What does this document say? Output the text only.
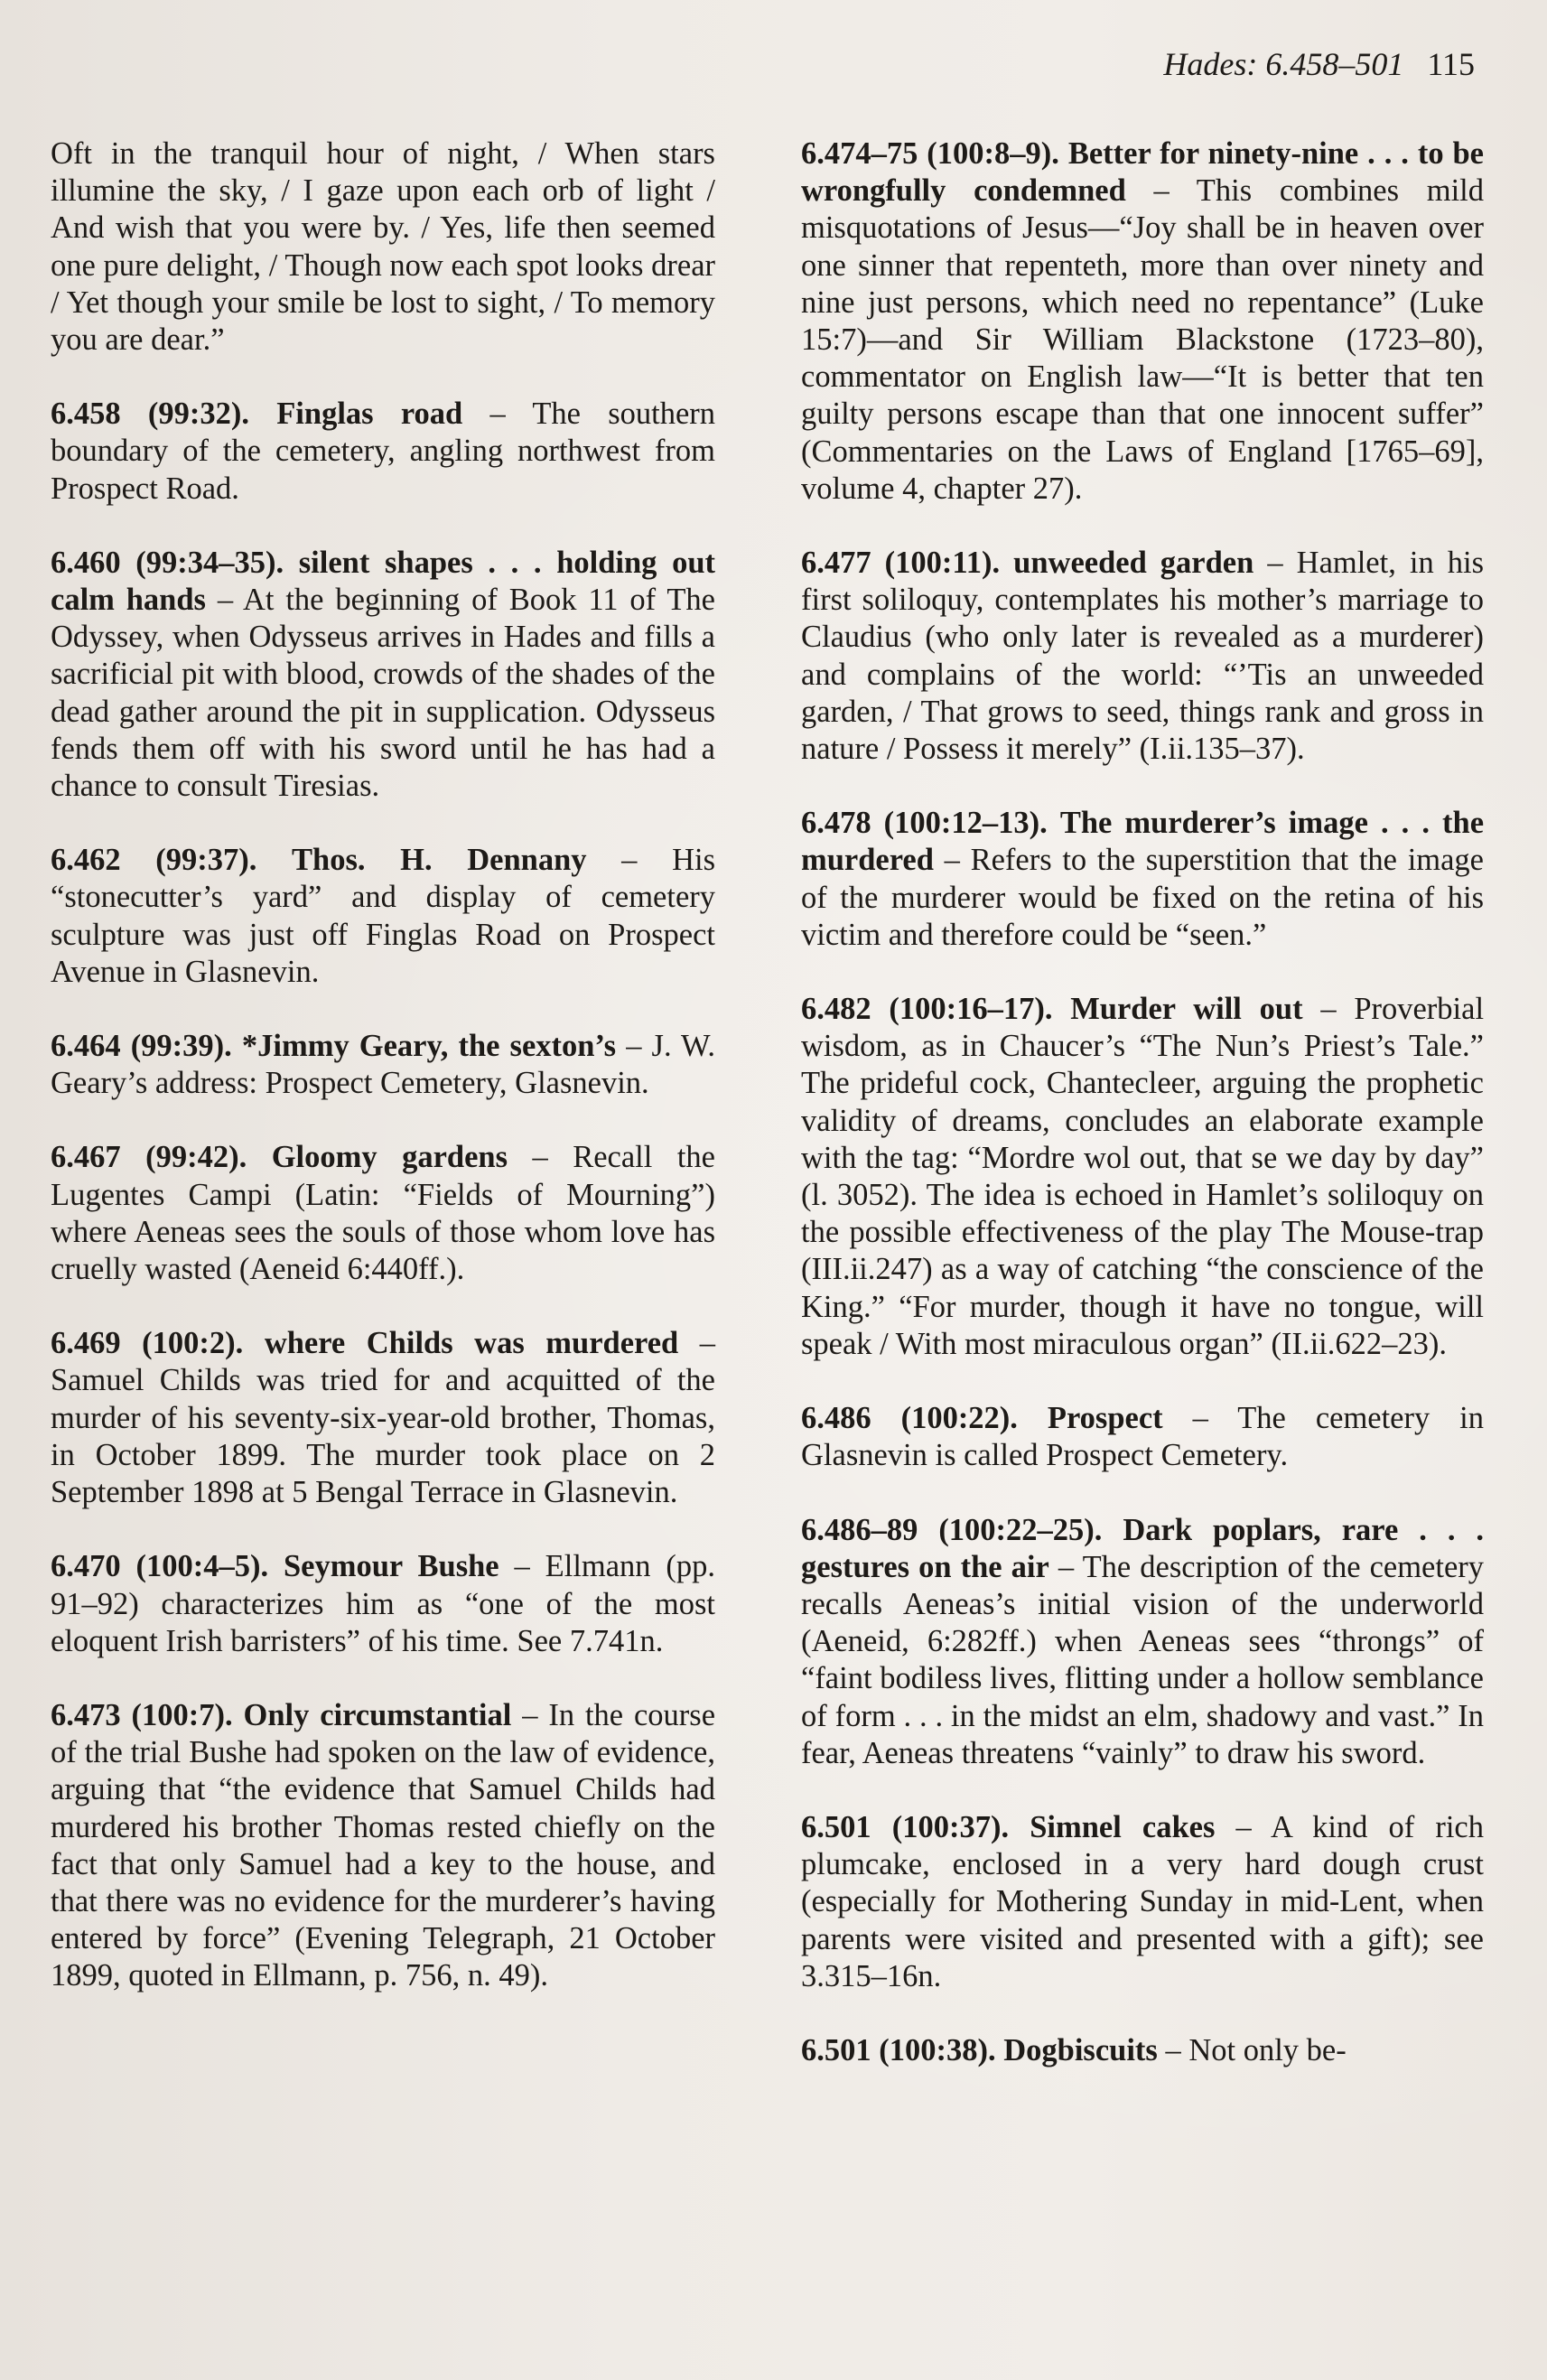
Hades: 6.458–501 115

Oft in the tranquil hour of night, / When stars illumine the sky, / I gaze upon each orb of light / And wish that you were by. / Yes, life then seemed one pure delight, / Though now each spot looks drear / Yet though your smile be lost to sight, / To memory you are dear.”

6.458 (99:32). Finglas road – The southern boundary of the cemetery, angling northwest from Prospect Road.

6.460 (99:34–35). silent shapes . . . holding out calm hands – At the beginning of Book 11 of The Odyssey, when Odysseus arrives in Hades and fills a sacrificial pit with blood, crowds of the shades of the dead gather around the pit in supplication. Odysseus fends them off with his sword until he has had a chance to consult Tiresias.

6.462 (99:37). Thos. H. Dennany – His “stonecutter’s yard” and display of cemetery sculpture was just off Finglas Road on Prospect Avenue in Glasnevin.

6.464 (99:39). *Jimmy Geary, the sexton’s – J. W. Geary’s address: Prospect Cemetery, Glasnevin.

6.467 (99:42). Gloomy gardens – Recall the Lugentes Campi (Latin: “Fields of Mourning”) where Aeneas sees the souls of those whom love has cruelly wasted (Aeneid 6:440ff.).

6.469 (100:2). where Childs was murdered – Samuel Childs was tried for and acquitted of the murder of his seventy-six-year-old brother, Thomas, in October 1899. The murder took place on 2 September 1898 at 5 Bengal Terrace in Glasnevin.

6.470 (100:4–5). Seymour Bushe – Ellmann (pp. 91–92) characterizes him as “one of the most eloquent Irish barristers” of his time. See 7.741n.

6.473 (100:7). Only circumstantial – In the course of the trial Bushe had spoken on the law of evidence, arguing that “the evidence that Samuel Childs had murdered his brother Thomas rested chiefly on the fact that only Samuel had a key to the house, and that there was no evidence for the murderer’s having entered by force” (Evening Telegraph, 21 October 1899, quoted in Ellmann, p. 756, n. 49).

6.474–75 (100:8–9). Better for ninety-nine . . . to be wrongfully condemned – This combines mild misquotations of Jesus—“Joy shall be in heaven over one sinner that repenteth, more than over ninety and nine just persons, which need no repentance” (Luke 15:7)—and Sir William Blackstone (1723–80), commentator on English law—“It is better that ten guilty persons escape than that one innocent suffer” (Commentaries on the Laws of England [1765–69], volume 4, chapter 27).

6.477 (100:11). unweeded garden – Hamlet, in his first soliloquy, contemplates his mother’s marriage to Claudius (who only later is revealed as a murderer) and complains of the world: “’Tis an unweeded garden, / That grows to seed, things rank and gross in nature / Possess it merely” (I.ii.135–37).

6.478 (100:12–13). The murderer’s image . . . the murdered – Refers to the superstition that the image of the murderer would be fixed on the retina of his victim and therefore could be “seen.”

6.482 (100:16–17). Murder will out – Proverbial wisdom, as in Chaucer’s “The Nun’s Priest’s Tale.” The prideful cock, Chantecleer, arguing the prophetic validity of dreams, concludes an elaborate example with the tag: “Mordre wol out, that se we day by day” (l. 3052). The idea is echoed in Hamlet’s soliloquy on the possible effectiveness of the play The Mouse-trap (III.ii.247) as a way of catching “the conscience of the King.” “For murder, though it have no tongue, will speak / With most miraculous organ” (II.ii.622–23).

6.486 (100:22). Prospect – The cemetery in Glasnevin is called Prospect Cemetery.

6.486–89 (100:22–25). Dark poplars, rare . . . gestures on the air – The description of the cemetery recalls Aeneas’s initial vision of the underworld (Aeneid, 6:282ff.) when Aeneas sees “throngs” of “faint bodiless lives, flitting under a hollow semblance of form . . . in the midst an elm, shadowy and vast.” In fear, Aeneas threatens “vainly” to draw his sword.

6.501 (100:37). Simnel cakes – A kind of rich plumcake, enclosed in a very hard dough crust (especially for Mothering Sunday in mid-Lent, when parents were visited and presented with a gift); see 3.315–16n.

6.501 (100:38). Dogbiscuits – Not only be-
